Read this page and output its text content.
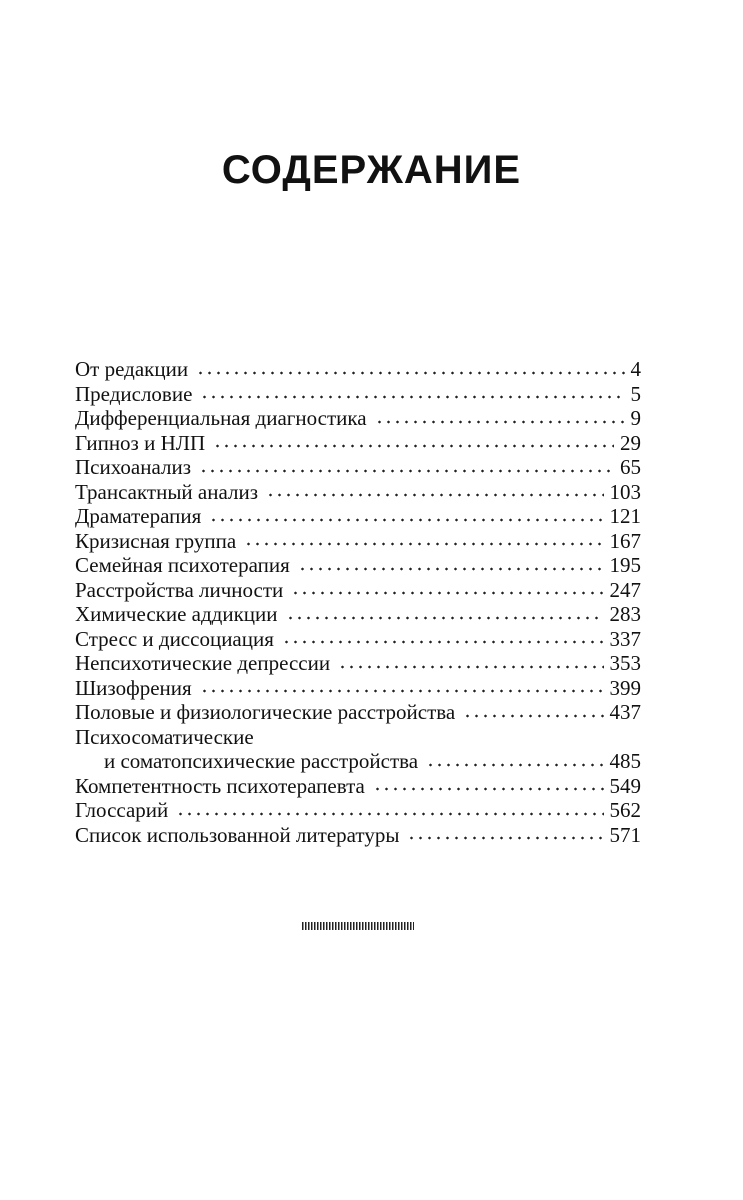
СОДЕРЖАНИЕ
От редакции	4
Предисловие	5
Дифференциальная диагностика	9
Гипноз и НЛП	29
Психоанализ	65
Трансактный анализ	103
Драматерапия	121
Кризисная группа	167
Семейная психотерапия	195
Расстройства личности	247
Химические аддикции	283
Стресс и диссоциация	337
Непсихотические депрессии	353
Шизофрения	399
Половые и физиологические расстройства	437
Психосоматические
и соматопсихические расстройства	485
Компетентность психотерапевта	549
Глоссарий	562
Список использованной литературы	571
